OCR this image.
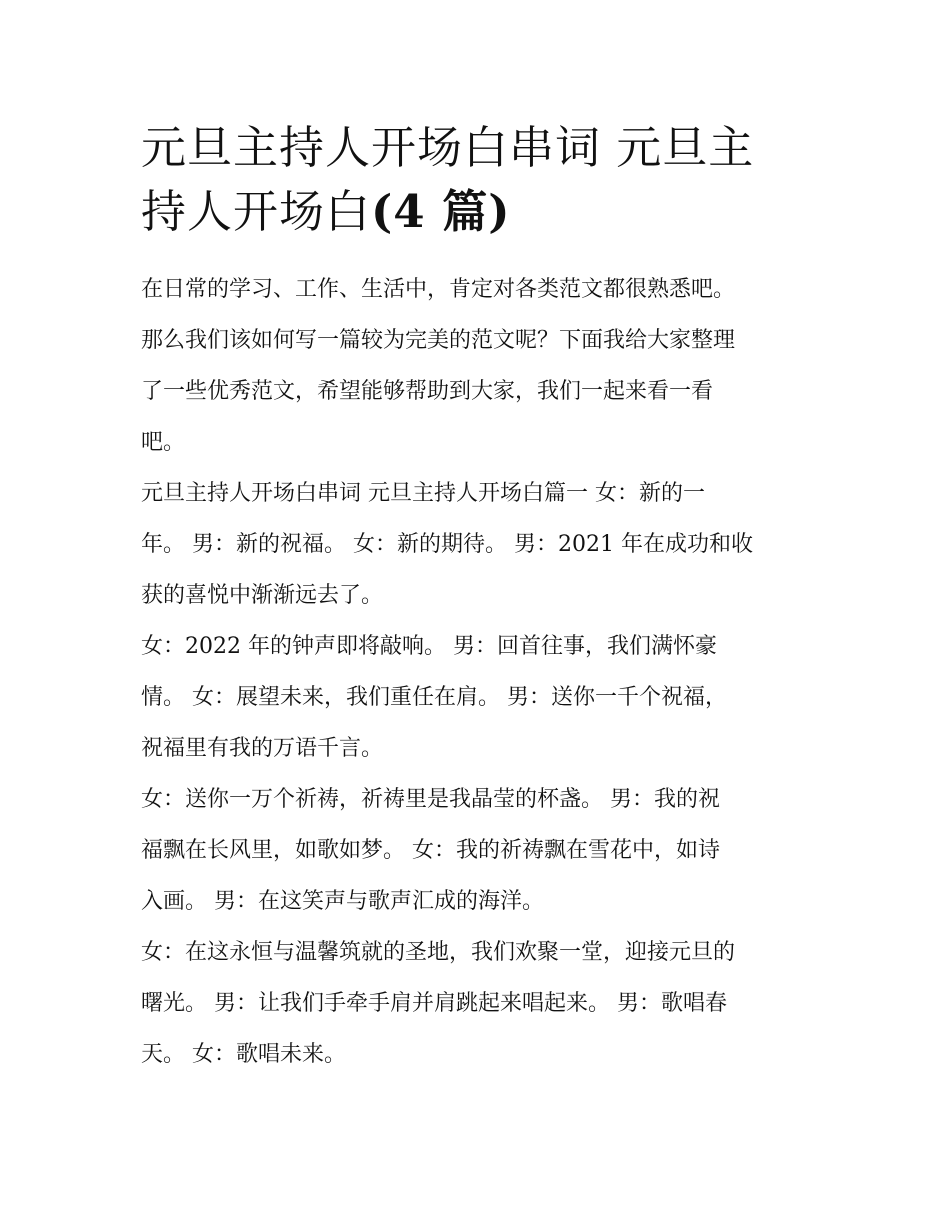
元旦主持人开场白串词 元旦主
持人开场白(4 篇)

在日常的学习、工作、生活中，肯定对各类范文都很熟悉吧。
那么我们该如何写一篇较为完美的范文呢？下面我给大家整理
了一些优秀范文，希望能够帮助到大家，我们一起来看一看
吧。

元旦主持人开场白串词 元旦主持人开场白篇一 女：新的一
年。 男：新的祝福。 女：新的期待。 男：2021 年在成功和收
获的喜悦中渐渐远去了。

女：2022 年的钟声即将敲响。 男：回首往事，我们满怀豪
情。 女：展望未来，我们重任在肩。 男：送你一千个祝福，
祝福里有我的万语千言。

女：送你一万个祈祷，祈祷里是我晶莹的杯盏。 男：我的祝
福飘在长风里，如歌如梦。 女：我的祈祷飘在雪花中，如诗
入画。 男：在这笑声与歌声汇成的海洋。

女：在这永恒与温馨筑就的圣地，我们欢聚一堂，迎接元旦的
曙光。 男：让我们手牵手肩并肩跳起来唱起来。 男：歌唱春
天。 女：歌唱未来。
